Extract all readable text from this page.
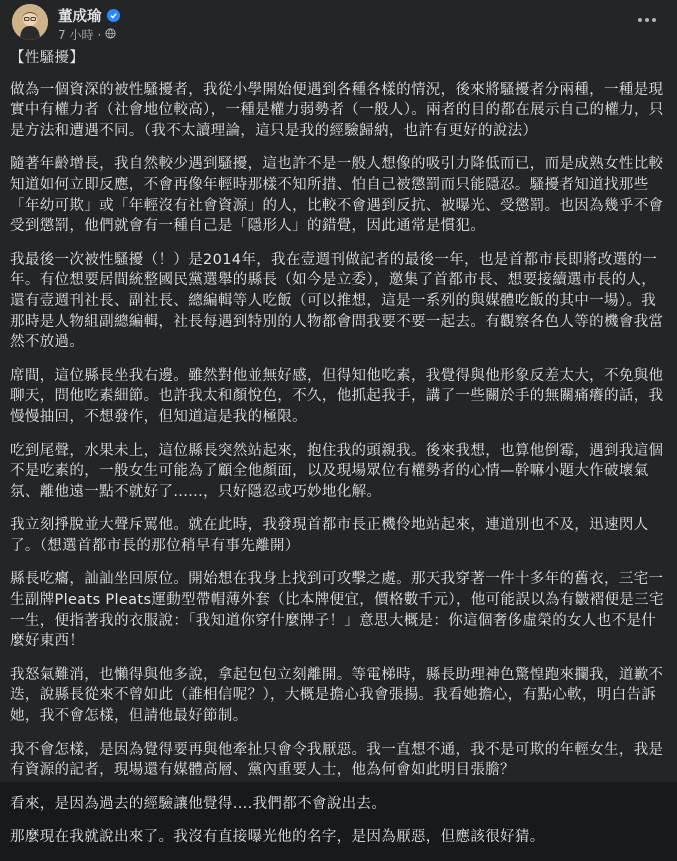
董成瑜
7 小時 ·

【性騷擾】

做為一個資深的被性騷擾者，我從小學開始便遇到各種各樣的情況，後來將騷擾者分兩種，一種是現實中有權力者（社會地位較高），一種是權力弱勢者（一般人）。兩者的目的都在展示自己的權力，只是方法和遭遇不同。（我不太讀理論，這只是我的經驗歸納，也許有更好的說法）

隨著年齡增長，我自然較少遇到騷擾，這也許不是一般人想像的吸引力降低而已，而是成熟女性比較知道如何立即反應，不會再像年輕時那樣不知所措、怕自己被懲罰而只能隱忍。騷擾者知道找那些「年幼可欺」或「年輕沒有社會資源」的人，比較不會遇到反抗、被曝光、受懲罰。也因為幾乎不會受到懲罰，他們就會有一種自己是「隱形人」的錯覺，因此通常是慣犯。

我最後一次被性騷擾（！）是2014年，我在壹週刊做記者的最後一年，也是首都市長即將改選的一年。有位想要居間統整國民黨選舉的縣長（如今是立委），邀集了首都市長、想要接續選市長的人，還有壹週刊社長、副社長、總編輯等人吃飯（可以推想，這是一系列的與媒體吃飯的其中一場）。我那時是人物組副總編輯，社長每遇到特別的人物都會問我要不要一起去。有觀察各色人等的機會我當然不放過。

席間，這位縣長坐我右邊。雖然對他並無好感，但得知他吃素，我覺得與他形象反差太大，不免與他聊天，問他吃素細節。也許我太和顏悅色，不久，他抓起我手，講了一些關於手的無關痛癢的話，我慢慢抽回，不想發作，但知道這是我的極限。

吃到尾聲，水果未上，這位縣長突然站起來，抱住我的頭親我。後來我想，也算他倒霉，遇到我這個不是吃素的，一般女生可能為了顧全他顏面，以及現場眾位有權勢者的心情—幹嘛小題大作破壞氣氛、離他遠一點不就好了......，只好隱忍或巧妙地化解。

我立刻掙脫並大聲斥罵他。就在此時，我發現首都市長正機伶地站起來，連道別也不及，迅速閃人了。（想選首都市長的那位稍早有事先離開）

縣長吃癟，訕訕坐回原位。開始想在我身上找到可攻擊之處。那天我穿著一件十多年的舊衣，三宅一生副牌Pleats Pleats運動型帶帽薄外套（比本牌便宜，價格數千元），他可能誤以為有皺褶便是三宅一生，便指著我的衣服說：「我知道你穿什麼牌子！」意思大概是：你這個奢侈虛榮的女人也不是什麼好東西！

我怒氣難消，也懶得與他多說，拿起包包立刻離開。等電梯時，縣長助理神色驚惶跑來攔我，道歉不迭，說縣長從來不曾如此（誰相信呢？），大概是擔心我會張揚。我看她擔心，有點心軟，明白告訴她，我不會怎樣，但請他最好節制。

我不會怎樣，是因為覺得要再與他牽扯只會令我厭惡。我一直想不通，我不是可欺的年輕女生，我是有資源的記者，現場還有媒體高層、黨內重要人士，他為何會如此明目張膽？

看來，是因為過去的經驗讓他覺得....我們都不會說出去。

那麼現在我就說出來了。我沒有直接曝光他的名字，是因為厭惡，但應該很好猜。
